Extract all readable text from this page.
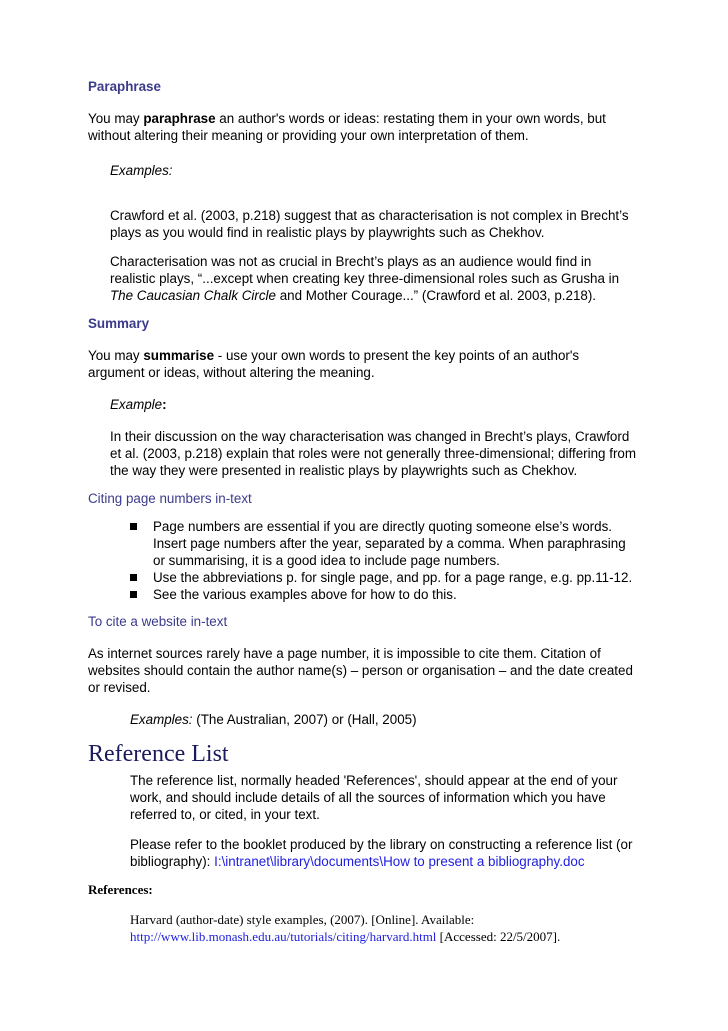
Paraphrase
You may paraphrase an author's words or ideas: restating them in your own words, but
without altering their meaning or providing your own interpretation of them.
Examples:
Crawford et al. (2003, p.218) suggest that as characterisation is not complex in Brecht’s
plays as you would find in realistic plays by playwrights such as Chekhov.
Characterisation was not as crucial in Brecht’s plays as an audience would find in
realistic plays, “...except when creating key three-dimensional roles such as Grusha in
The Caucasian Chalk Circle and Mother Courage...” (Crawford et al. 2003, p.218).
Summary
You may summarise - use your own words to present the key points of an author's
argument or ideas, without altering the meaning.
Example:
In their discussion on the way characterisation was changed in Brecht’s plays, Crawford
et al. (2003, p.218) explain that roles were not generally three-dimensional; differing from
the way they were presented in realistic plays by playwrights such as Chekhov.
Citing page numbers in-text
Page numbers are essential if you are directly quoting someone else’s words.
Insert page numbers after the year, separated by a comma. When paraphrasing
or summarising, it is a good idea to include page numbers.
Use the abbreviations p. for single page, and pp. for a page range, e.g. pp.11-12.
See the various examples above for how to do this.
To cite a website in-text
As internet sources rarely have a page number, it is impossible to cite them. Citation of
websites should contain the author name(s) – person or organisation – and the date created
or revised.
Examples: (The Australian, 2007) or (Hall, 2005)
Reference List
The reference list, normally headed 'References', should appear at the end of your
work, and should include details of all the sources of information which you have
referred to, or cited, in your text.
Please refer to the booklet produced by the library on constructing a reference list (or
bibliography): I:\intranet\library\documents\How to present a bibliography.doc
References:
Harvard (author-date) style examples, (2007). [Online]. Available:
http://www.lib.monash.edu.au/tutorials/citing/harvard.html [Accessed: 22/5/2007].
